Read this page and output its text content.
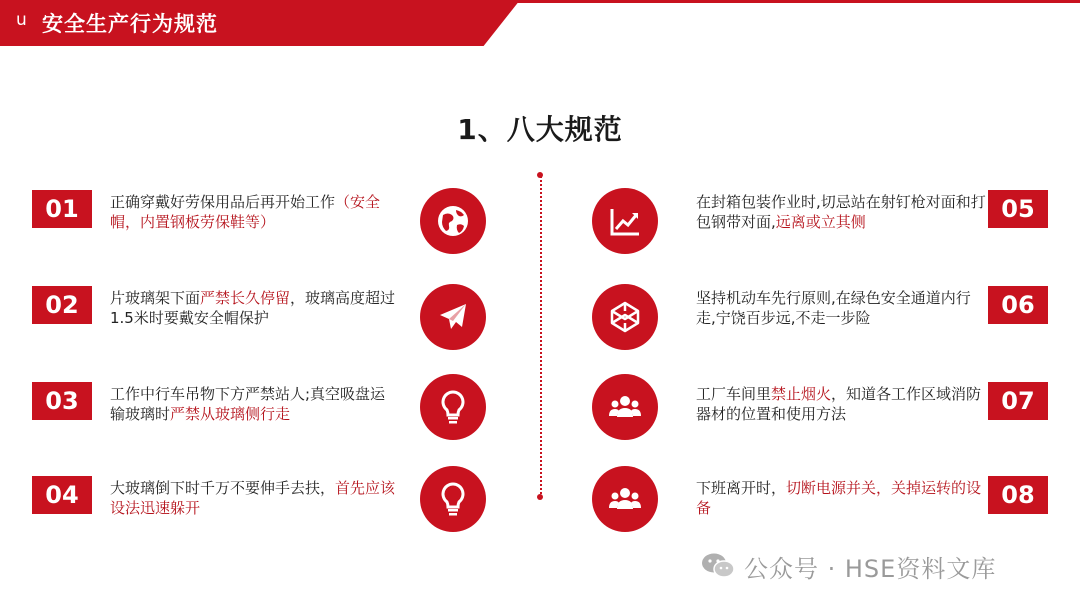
u 安全生产行为规范
1、八大规范
01	正确穿戴好劳保用品后再开始工作（安全帽，内置钢板劳保鞋等）
02	片玻璃架下面严禁长久停留，玻璃高度超过1.5米时要戴安全帽保护
03	工作中行车吊物下方严禁站人;真空吸盘运输玻璃时严禁从玻璃侧行走
04	大玻璃倒下时千万不要伸手去扶，首先应该设法迅速躲开
在封箱包装作业时,切忌站在射钉枪对面和打包钢带对面,远离或立其侧	05
坚持机动车先行原则,在绿色安全通道内行走,宁饶百步远,不走一步险	06
工厂车间里禁止烟火，知道各工作区域消防器材的位置和使用方法	07
下班离开时，切断电源并关，关掉运转的设备	08
公众号 · HSE资料文库
